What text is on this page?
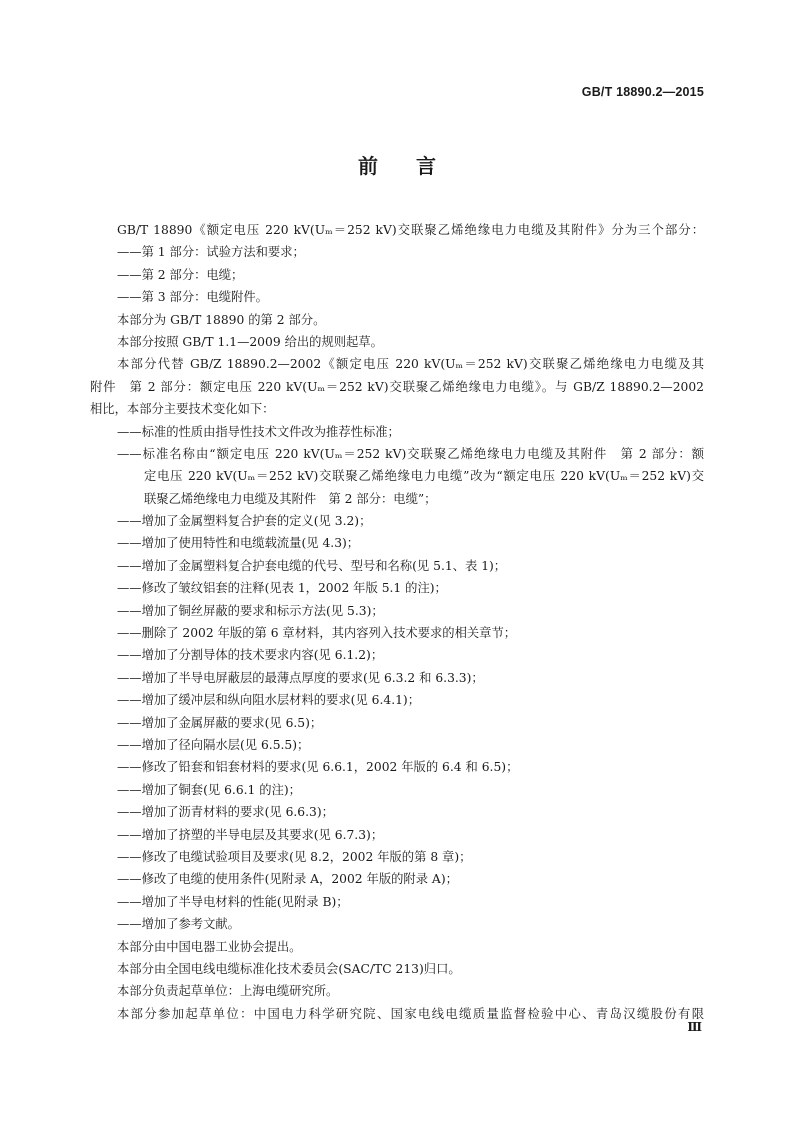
GB/T 18890.2—2015
前 言
GB/T 18890《额定电压 220 kV(Uₘ＝252 kV)交联聚乙烯绝缘电力电缆及其附件》分为三个部分：
——第 1 部分：试验方法和要求；
——第 2 部分：电缆；
——第 3 部分：电缆附件。
本部分为 GB/T 18890 的第 2 部分。
本部分按照 GB/T 1.1—2009 给出的规则起草。
本部分代替 GB/Z 18890.2—2002《额定电压 220 kV(Uₘ＝252 kV)交联聚乙烯绝缘电力电缆及其
附件　第 2 部分：额定电压 220 kV(Uₘ＝252 kV)交联聚乙烯绝缘电力电缆》。与 GB/Z 18890.2—2002
相比，本部分主要技术变化如下：
——标准的性质由指导性技术文件改为推荐性标准；
——标准名称由“额定电压 220 kV(Uₘ＝252 kV)交联聚乙烯绝缘电力电缆及其附件　第 2 部分：额
定电压 220 kV(Uₘ＝252 kV)交联聚乙烯绝缘电力电缆”改为“额定电压 220 kV(Uₘ＝252 kV)交
联聚乙烯绝缘电力电缆及其附件　第 2 部分：电缆”；
——增加了金属塑料复合护套的定义(见 3.2)；
——增加了使用特性和电缆载流量(见 4.3)；
——增加了金属塑料复合护套电缆的代号、型号和名称(见 5.1、表 1)；
——修改了皱纹铝套的注释(见表 1，2002 年版 5.1 的注)；
——增加了铜丝屏蔽的要求和标示方法(见 5.3)；
——删除了 2002 年版的第 6 章材料，其内容列入技术要求的相关章节；
——增加了分割导体的技术要求内容(见 6.1.2)；
——增加了半导电屏蔽层的最薄点厚度的要求(见 6.3.2 和 6.3.3)；
——增加了缓冲层和纵向阻水层材料的要求(见 6.4.1)；
——增加了金属屏蔽的要求(见 6.5)；
——增加了径向隔水层(见 6.5.5)；
——修改了铅套和铝套材料的要求(见 6.6.1，2002 年版的 6.4 和 6.5)；
——增加了铜套(见 6.6.1 的注)；
——增加了沥青材料的要求(见 6.6.3)；
——增加了挤塑的半导电层及其要求(见 6.7.3)；
——修改了电缆试验项目及要求(见 8.2，2002 年版的第 8 章)；
——修改了电缆的使用条件(见附录 A，2002 年版的附录 A)；
——增加了半导电材料的性能(见附录 B)；
——增加了参考文献。
本部分由中国电器工业协会提出。
本部分由全国电线电缆标准化技术委员会(SAC/TC 213)归口。
本部分负责起草单位：上海电缆研究所。
本部分参加起草单位：中国电力科学研究院、国家电线电缆质量监督检验中心、青岛汉缆股份有限
Ⅲ
